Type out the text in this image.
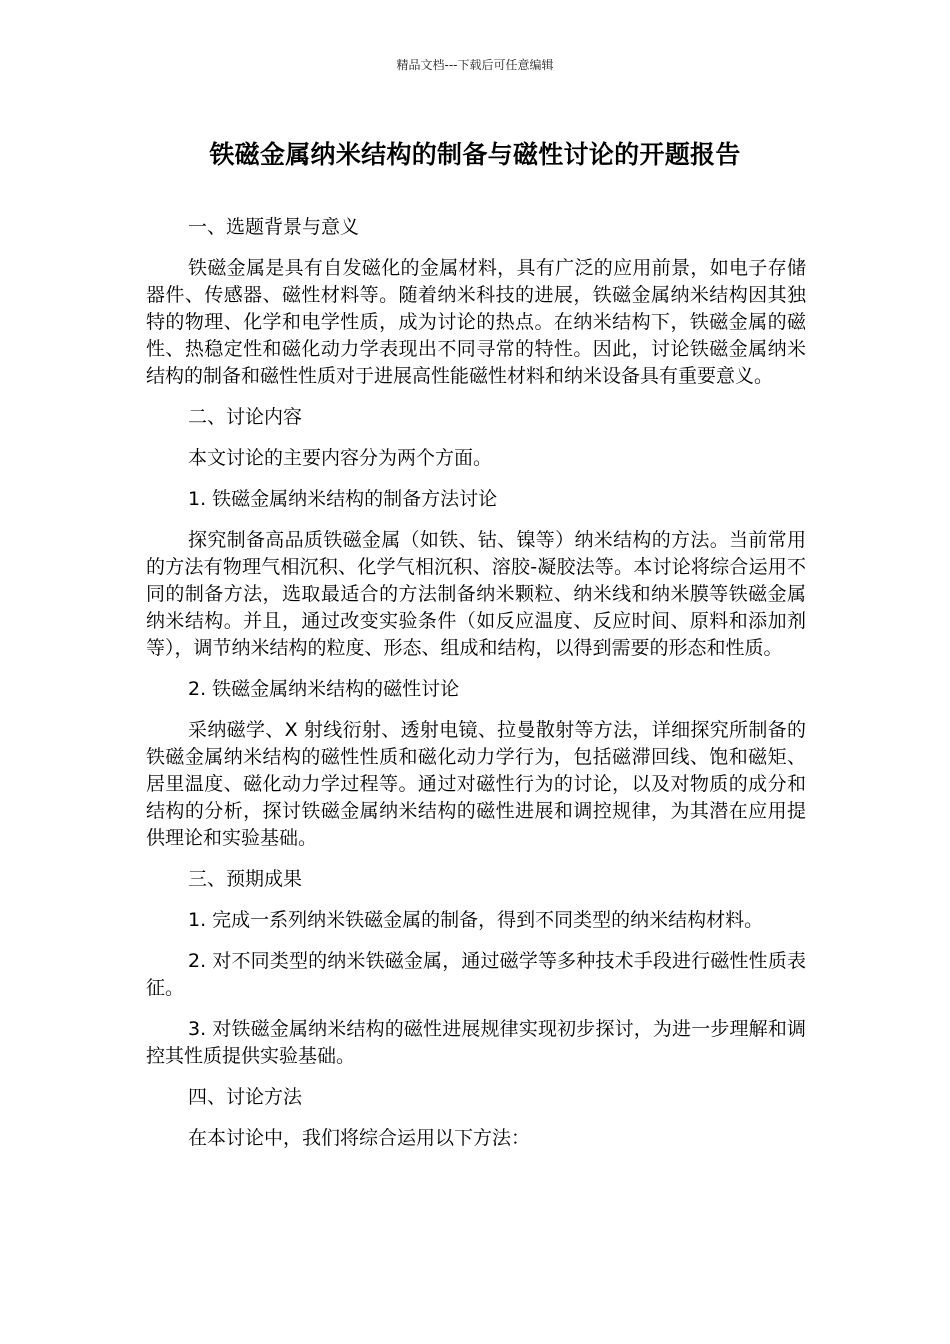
精品文档---下载后可任意编辑
铁磁金属纳米结构的制备与磁性讨论的开题报告

一、选题背景与意义

铁磁金属是具有自发磁化的金属材料，具有广泛的应用前景，如电子存储器件、传感器、磁性材料等。随着纳米科技的进展，铁磁金属纳米结构因其独特的物理、化学和电学性质，成为讨论的热点。在纳米结构下，铁磁金属的磁性、热稳定性和磁化动力学表现出不同寻常的特性。因此，讨论铁磁金属纳米结构的制备和磁性性质对于进展高性能磁性材料和纳米设备具有重要意义。

二、讨论内容

本文讨论的主要内容分为两个方面。

1. 铁磁金属纳米结构的制备方法讨论

探究制备高品质铁磁金属（如铁、钴、镍等）纳米结构的方法。当前常用的方法有物理气相沉积、化学气相沉积、溶胶-凝胶法等。本讨论将综合运用不同的制备方法，选取最适合的方法制备纳米颗粒、纳米线和纳米膜等铁磁金属纳米结构。并且，通过改变实验条件（如反应温度、反应时间、原料和添加剂等），调节纳米结构的粒度、形态、组成和结构，以得到需要的形态和性质。

2. 铁磁金属纳米结构的磁性讨论

采纳磁学、X 射线衍射、透射电镜、拉曼散射等方法，详细探究所制备的铁磁金属纳米结构的磁性性质和磁化动力学行为，包括磁滞回线、饱和磁矩、居里温度、磁化动力学过程等。通过对磁性行为的讨论，以及对物质的成分和结构的分析，探讨铁磁金属纳米结构的磁性进展和调控规律，为其潜在应用提供理论和实验基础。

三、预期成果

1. 完成一系列纳米铁磁金属的制备，得到不同类型的纳米结构材料。

2. 对不同类型的纳米铁磁金属，通过磁学等多种技术手段进行磁性性质表征。

3. 对铁磁金属纳米结构的磁性进展规律实现初步探讨，为进一步理解和调控其性质提供实验基础。

四、讨论方法

在本讨论中，我们将综合运用以下方法：
